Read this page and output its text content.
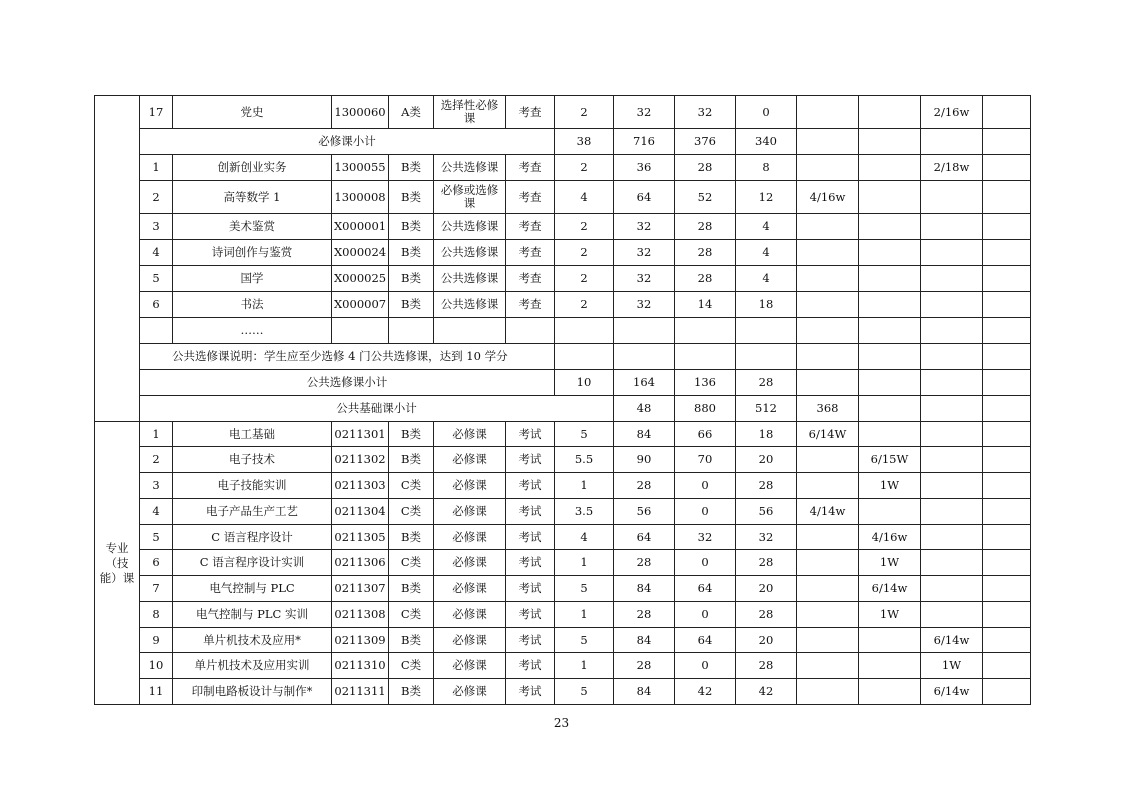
	17	党史	1300060	A类	选择性必修课	考查	2	32	32	0			2/16w		
	必修课小计						38	716	376	340					
	1	创新创业实务	1300055	B类	公共选修课	考查	2	36	28	8			2/18w		
	2	高等数学 1	1300008	B类	必修或选修课	考查	4	64	52	12	4/16w				
	3	美术鉴赏	X000001	B类	公共选修课	考查	2	32	28	4					
	4	诗词创作与鉴赏	X000024	B类	公共选修课	考查	2	32	28	4					
	5	国学	X000025	B类	公共选修课	考查	2	32	28	4					
	6	书法	X000007	B类	公共选修课	考查	2	32	14	18					
		……													
	公共选修课说明：学生应至少选修 4 门公共选修课，达到 10 学分														
	公共选修课小计						10	164	136	28					
	公共基础课小计							48	880	512	368				
专业（技能）课	1	电工基础	0211301	B类	必修课	考试	5	84	66	18	6/14W				
	2	电子技术	0211302	B类	必修课	考试	5.5	90	70	20		6/15W			
	3	电子技能实训	0211303	C类	必修课	考试	1	28	0	28		1W			
	4	电子产品生产工艺	0211304	C类	必修课	考试	3.5	56	0	56	4/14w				
	5	C 语言程序设计	0211305	B类	必修课	考试	4	64	32	32		4/16w			
	6	C 语言程序设计实训	0211306	C类	必修课	考试	1	28	0	28		1W			
	7	电气控制与 PLC	0211307	B类	必修课	考试	5	84	64	20		6/14w			
	8	电气控制与 PLC 实训	0211308	C类	必修课	考试	1	28	0	28		1W			
	9	单片机技术及应用*	0211309	B类	必修课	考试	5	84	64	20			6/14w		
	10	单片机技术及应用实训	0211310	C类	必修课	考试	1	28	0	28			1W		
	11	印制电路板设计与制作*	0211311	B类	必修课	考试	5	84	42	42			6/14w		
23
